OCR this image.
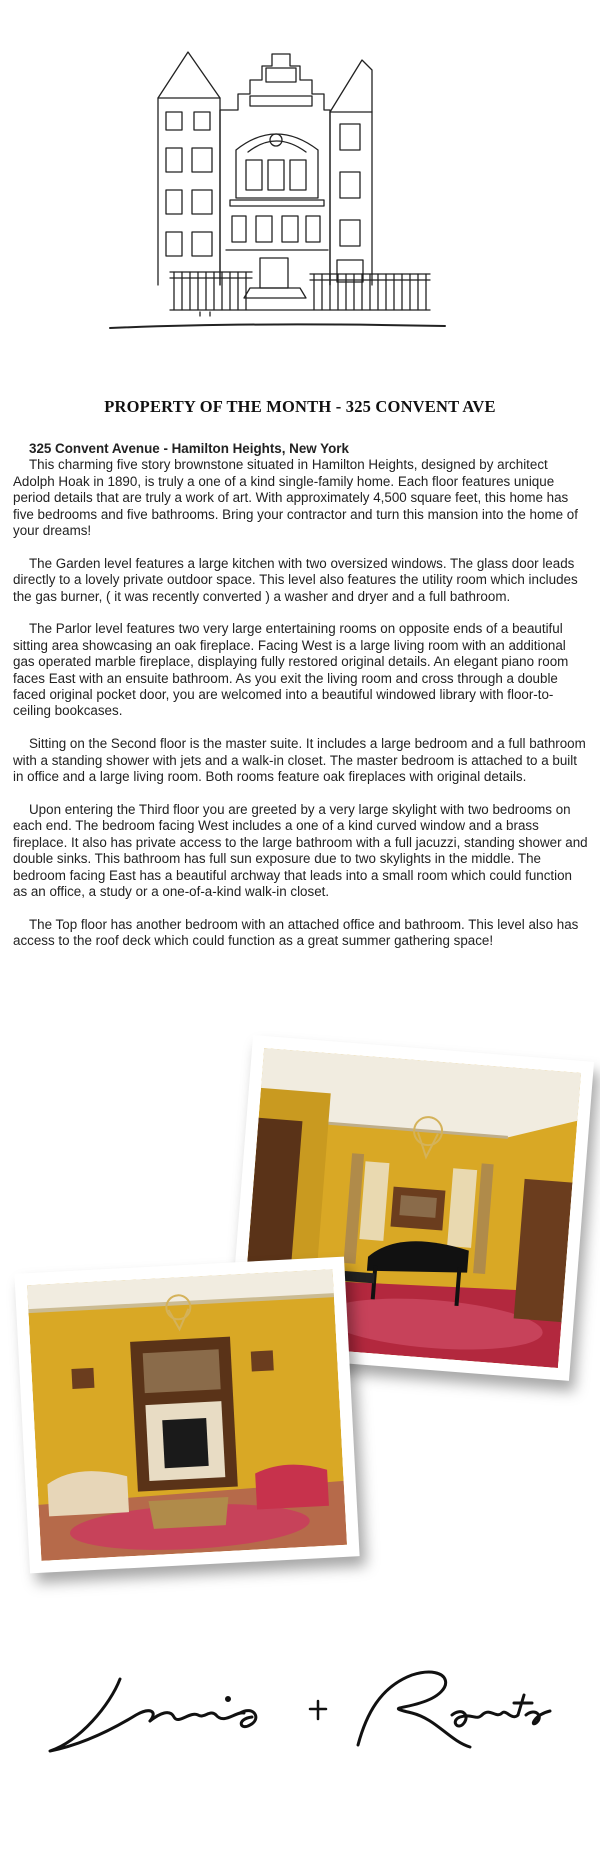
PROPERTY OF THE MONTH - 325 CONVENT AVE
325 Convent Avenue - Hamilton Heights, New York

This charming five story brownstone situated in Hamilton Heights, designed by architect Adolph Hoak in 1890, is truly a one of a kind single-family home. Each floor features unique period details that are truly a work of art. With approximately 4,500 square feet, this home has five bedrooms and five bathrooms. Bring your contractor and turn this mansion into the home of your dreams!

The Garden level features a large kitchen with two oversized windows. The glass door leads directly to a lovely private outdoor space. This level also features the utility room which includes the gas burner, ( it was recently converted ) a washer and dryer and a full bathroom.

The Parlor level features two very large entertaining rooms on opposite ends of a beautiful sitting area showcasing an oak fireplace. Facing West is a large living room with an additional gas operated marble fireplace, displaying fully restored original details. An elegant piano room faces East with an ensuite bathroom. As you exit the living room and cross through a double faced original pocket door, you are welcomed into a beautiful windowed library with floor-to-ceiling bookcases.

Sitting on the Second floor is the master suite. It includes a large bedroom and a full bathroom with a standing shower with jets and a walk-in closet. The master bedroom is attached to a built in office and a large living room. Both rooms feature oak fireplaces with original details.

Upon entering the Third floor you are greeted by a very large skylight with two bedrooms on each end. The bedroom facing West includes a one of a kind curved window and a brass fireplace. It also has private access to the large bathroom with a full jacuzzi, standing shower and double sinks. This bathroom has full sun exposure due to two skylights in the middle. The bedroom facing East has a beautiful archway that leads into a small room which could function as an office, a study or a one-of-a-kind walk-in closet.

The Top floor has another bedroom with an attached office and bathroom. This level also has access to the roof deck which could function as a great summer gathering space!
